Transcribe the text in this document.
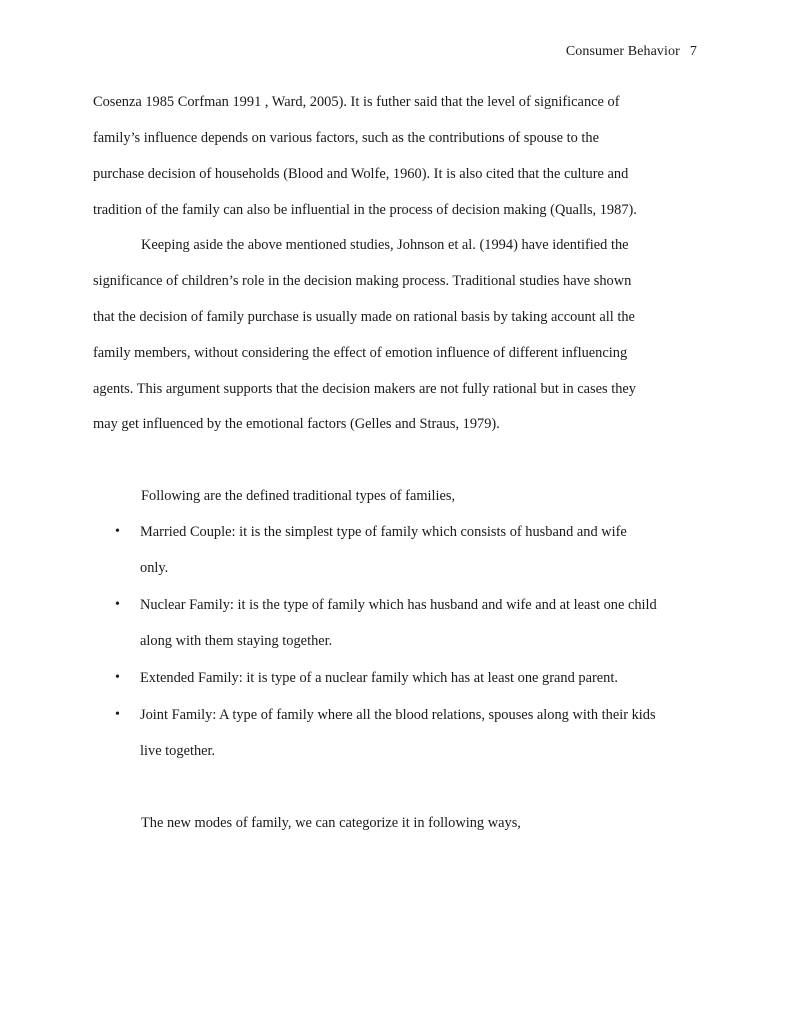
Consumer Behavior 7
Cosenza 1985 Corfman 1991 , Ward, 2005). It is futher said that the level of significance of
family’s influence depends on various factors, such as the contributions of spouse to the
purchase decision of households (Blood and Wolfe, 1960). It is also cited that the culture and
tradition of the family can also be influential in the process of decision making (Qualls, 1987).
Keeping aside the above mentioned studies, Johnson et al. (1994) have identified the
significance of children’s role in the decision making process. Traditional studies have shown
that the decision of family purchase is usually made on rational basis by taking account all the
family members, without considering the effect of emotion influence of different influencing
agents. This argument supports that the decision makers are not fully rational but in cases they
may get influenced by the emotional factors (Gelles and Straus, 1979).
Following are the defined traditional types of families,
• Married Couple: it is the simplest type of family which consists of husband and wife
only.
• Nuclear Family: it is the type of family which has husband and wife and at least one child
along with them staying together.
• Extended Family: it is type of a nuclear family which has at least one grand parent.
• Joint Family: A type of family where all the blood relations, spouses along with their kids
live together.
The new modes of family, we can categorize it in following ways,
